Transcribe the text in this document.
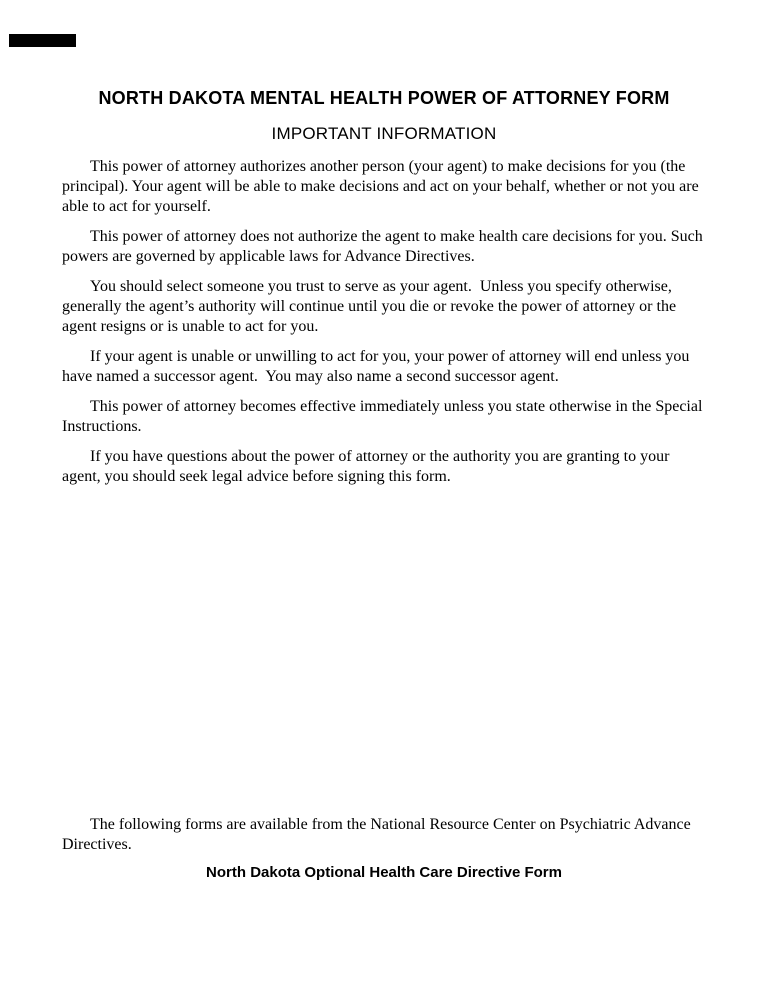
NORTH DAKOTA MENTAL HEALTH POWER OF ATTORNEY FORM
IMPORTANT INFORMATION

This power of attorney authorizes another person (your agent) to make decisions for you (the principal). Your agent will be able to make decisions and act on your behalf, whether or not you are able to act for yourself.

This power of attorney does not authorize the agent to make health care decisions for you. Such powers are governed by applicable laws for Advance Directives.

You should select someone you trust to serve as your agent.  Unless you specify otherwise, generally the agent’s authority will continue until you die or revoke the power of attorney or the agent resigns or is unable to act for you.

If your agent is unable or unwilling to act for you, your power of attorney will end unless you have named a successor agent.  You may also name a second successor agent.

This power of attorney becomes effective immediately unless you state otherwise in the Special Instructions.

If you have questions about the power of attorney or the authority you are granting to your agent, you should seek legal advice before signing this form.

The following forms are available from the National Resource Center on Psychiatric Advance Directives.

North Dakota Optional Health Care Directive Form
